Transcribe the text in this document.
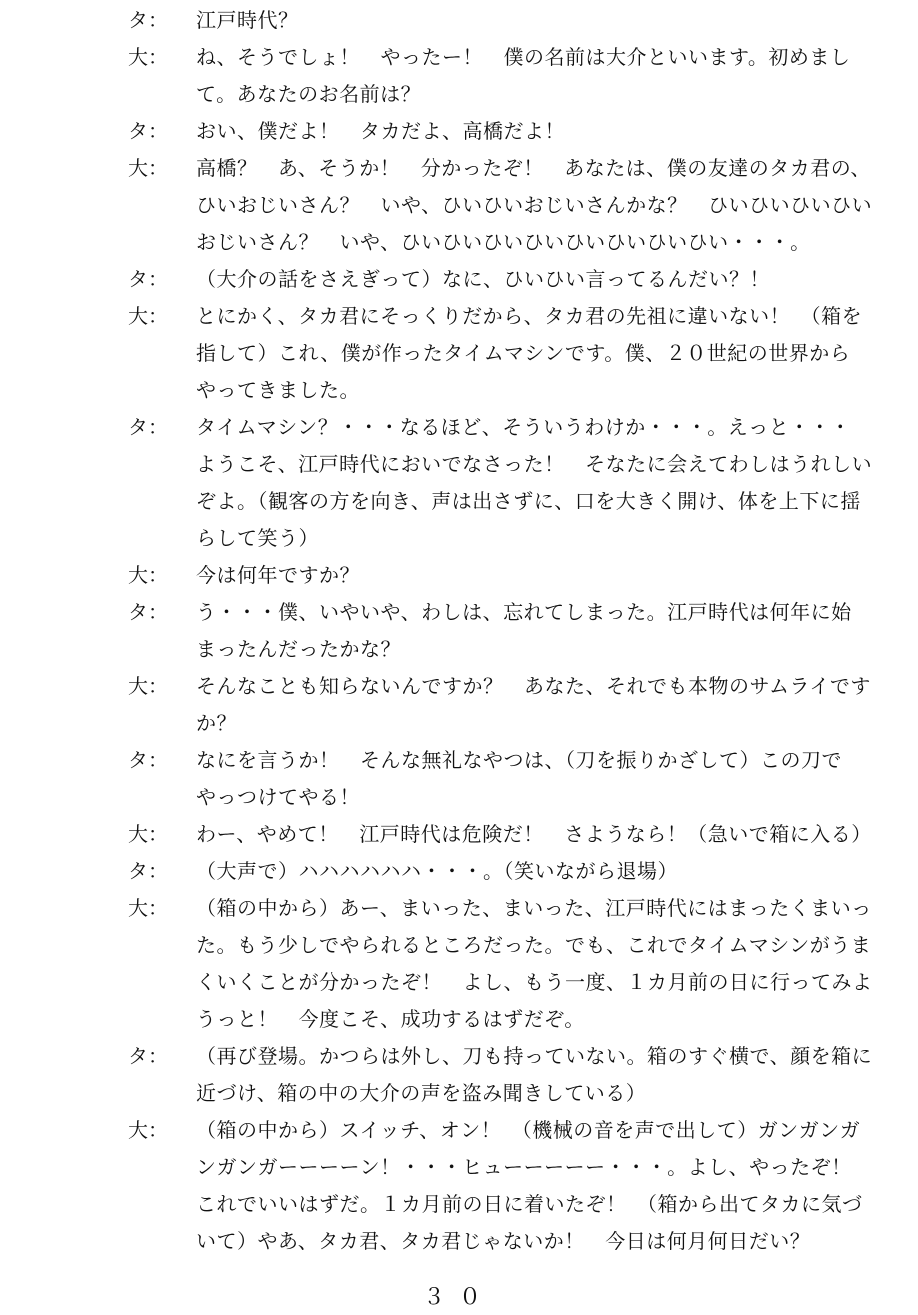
タ：	江戸時代？
大：	ね、そうでしょ！　やったー！　僕の名前は大介といいます。初めまし
て。あなたのお名前は？
タ：	おい、僕だよ！　タカだよ、高橋だよ！
大：	高橋？　あ、そうか！　分かったぞ！　あなたは、僕の友達のタカ君の、
ひいおじいさん？　いや、ひいひいおじいさんかな？　ひいひいひいひい
おじいさん？　いや、ひいひいひいひいひいひいひいひい・・・。
タ：	（大介の話をさえぎって）なに、ひいひい言ってるんだい？！
大：	とにかく、タカ君にそっくりだから、タカ君の先祖に違いない！　（箱を
指して）これ、僕が作ったタイムマシンです。僕、２０世紀の世界から
やってきました。
タ：	タイムマシン？・・・なるほど、そういうわけか・・・。えっと・・・
ようこそ、江戸時代においでなさった！　そなたに会えてわしはうれしい
ぞよ。（観客の方を向き、声は出さずに、口を大きく開け、体を上下に揺
らして笑う）
大：	今は何年ですか？
タ：	う・・・僕、いやいや、わしは、忘れてしまった。江戸時代は何年に始
まったんだったかな？
大：	そんなことも知らないんですか？　あなた、それでも本物のサムライです
か？
タ：	なにを言うか！　そんな無礼なやつは、（刀を振りかざして）この刀で
やっつけてやる！
大：	わー、やめて！　江戸時代は危険だ！　さようなら！（急いで箱に入る）
タ：	（大声で）ハハハハハハ・・・。（笑いながら退場）
大：	（箱の中から）あー、まいった、まいった、江戸時代にはまったくまいっ
た。もう少しでやられるところだった。でも、これでタイムマシンがうま
くいくことが分かったぞ！　よし、もう一度、１カ月前の日に行ってみよ
うっと！　今度こそ、成功するはずだぞ。
タ：	（再び登場。かつらは外し、刀も持っていない。箱のすぐ横で、顔を箱に
近づけ、箱の中の大介の声を盗み聞きしている）
大：	（箱の中から）スイッチ、オン！　（機械の音を声で出して）ガンガンガ
ンガンガーーーーン！・・・ヒューーーーー・・・。よし、やったぞ！
これでいいはずだ。１カ月前の日に着いたぞ！　（箱から出てタカに気づ
いて）やあ、タカ君、タカ君じゃないか！　今日は何月何日だい？
３０
